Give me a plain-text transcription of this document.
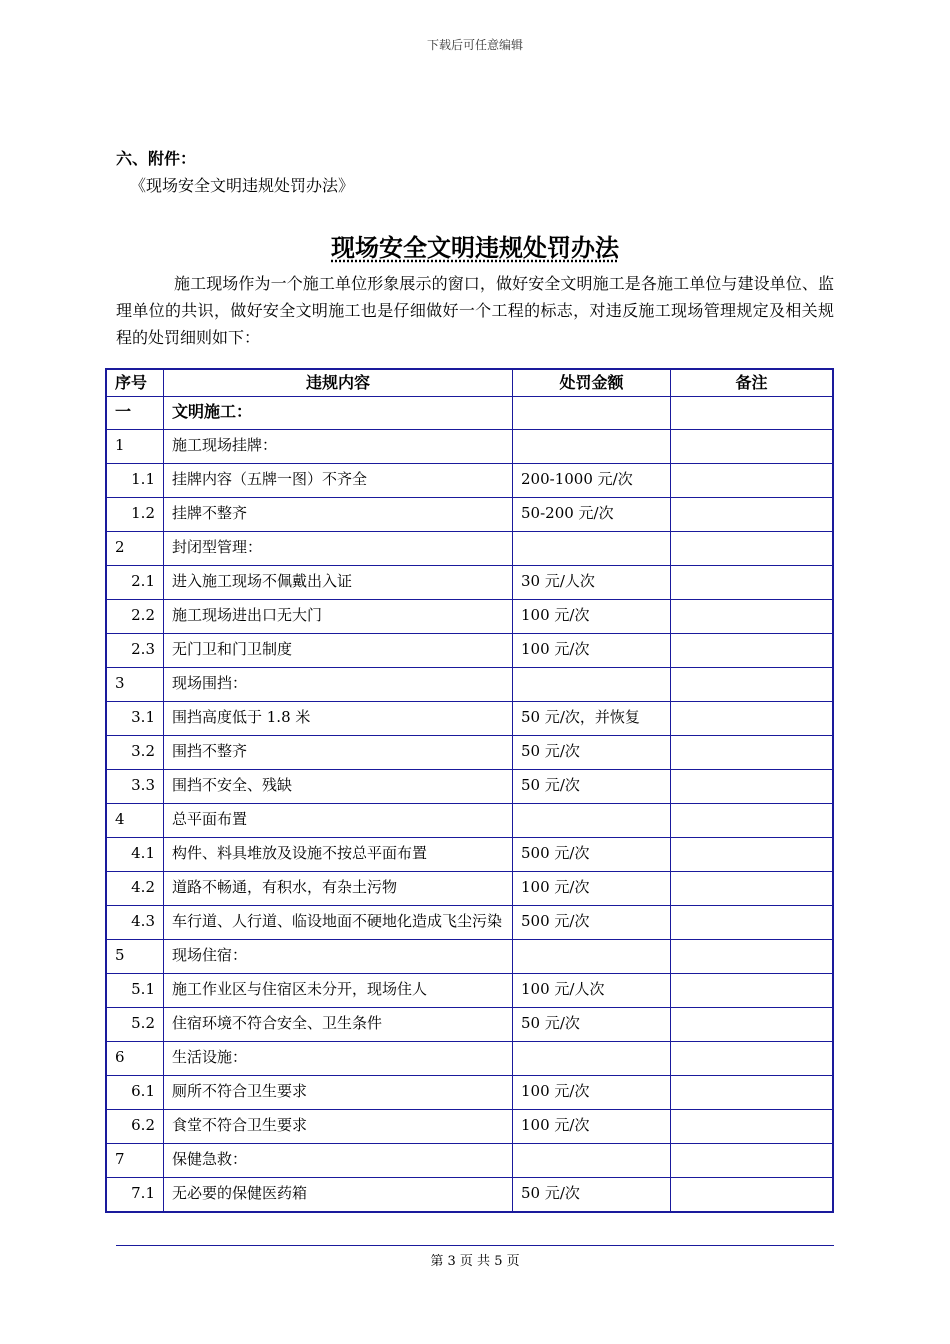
下载后可任意编辑
六、附件：
《现场安全文明违规处罚办法》
现场安全文明违规处罚办法
施工现场作为一个施工单位形象展示的窗口，做好安全文明施工是各施工单位与建设单位、监理单位的共识，做好安全文明施工也是仔细做好一个工程的标志，对违反施工现场管理规定及相关规程的处罚细则如下：
序号	违规内容	处罚金额	备注
一	文明施工：		
1	施工现场挂牌：		
1.1	挂牌内容（五牌一图）不齐全	200-1000 元/次	
1.2	挂牌不整齐	50-200 元/次	
2	封闭型管理：		
2.1	进入施工现场不佩戴出入证	30 元/人次	
2.2	施工现场进出口无大门	100 元/次	
2.3	无门卫和门卫制度	100 元/次	
3	现场围挡：		
3.1	围挡高度低于 1.8 米	50 元/次，并恢复	
3.2	围挡不整齐	50 元/次	
3.3	围挡不安全、残缺	50 元/次	
4	总平面布置		
4.1	构件、料具堆放及设施不按总平面布置	500 元/次	
4.2	道路不畅通，有积水，有杂土污物	100 元/次	
4.3	车行道、人行道、临设地面不硬地化造成飞尘污染	500 元/次	
5	现场住宿：		
5.1	施工作业区与住宿区未分开，现场住人	100 元/人次	
5.2	住宿环境不符合安全、卫生条件	50 元/次	
6	生活设施：		
6.1	厕所不符合卫生要求	100 元/次	
6.2	食堂不符合卫生要求	100 元/次	
7	保健急救：		
7.1	无必要的保健医药箱	50 元/次	
第 3 页 共 5 页
